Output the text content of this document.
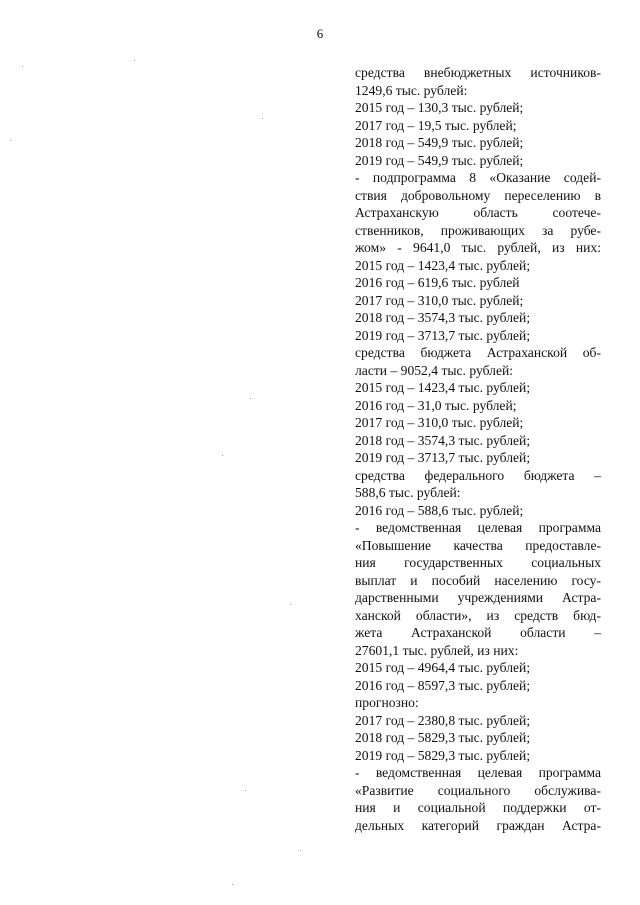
6
средства внебюджетных источников-
1249,6 тыс. рублей:
2015 год – 130,3 тыс. рублей;
2017 год – 19,5 тыс. рублей;
2018 год – 549,9 тыс. рублей;
2019 год – 549,9 тыс. рублей;
- подпрограмма 8 «Оказание содей-
ствия добровольному переселению в
Астраханскую область соотече-
ственников, проживающих за рубе-
жом» - 9641,0 тыс. рублей, из них:
2015 год – 1423,4 тыс. рублей;
2016 год – 619,6 тыс. рублей
2017 год – 310,0 тыс. рублей;
2018 год – 3574,3 тыс. рублей;
2019 год – 3713,7 тыс. рублей;
средства бюджета Астраханской об-
ласти – 9052,4 тыс. рублей:
2015 год – 1423,4 тыс. рублей;
2016 год – 31,0 тыс. рублей;
2017 год – 310,0 тыс. рублей;
2018 год – 3574,3 тыс. рублей;
2019 год – 3713,7 тыс. рублей;
средства федерального бюджета –
588,6 тыс. рублей:
2016 год – 588,6 тыс. рублей;
- ведомственная целевая программа
«Повышение качества предоставле-
ния государственных социальных
выплат и пособий населению госу-
дарственными учреждениями Астра-
ханской области», из средств бюд-
жета Астраханской области –
27601,1 тыс. рублей, из них:
2015 год – 4964,4 тыс. рублей;
2016 год – 8597,3 тыс. рублей;
прогнозно:
2017 год – 2380,8 тыс. рублей;
2018 год – 5829,3 тыс. рублей;
2019 год – 5829,3 тыс. рублей;
- ведомственная целевая программа
«Развитие социального обслужива-
ния и социальной поддержки от-
дельных категорий граждан Астра-
